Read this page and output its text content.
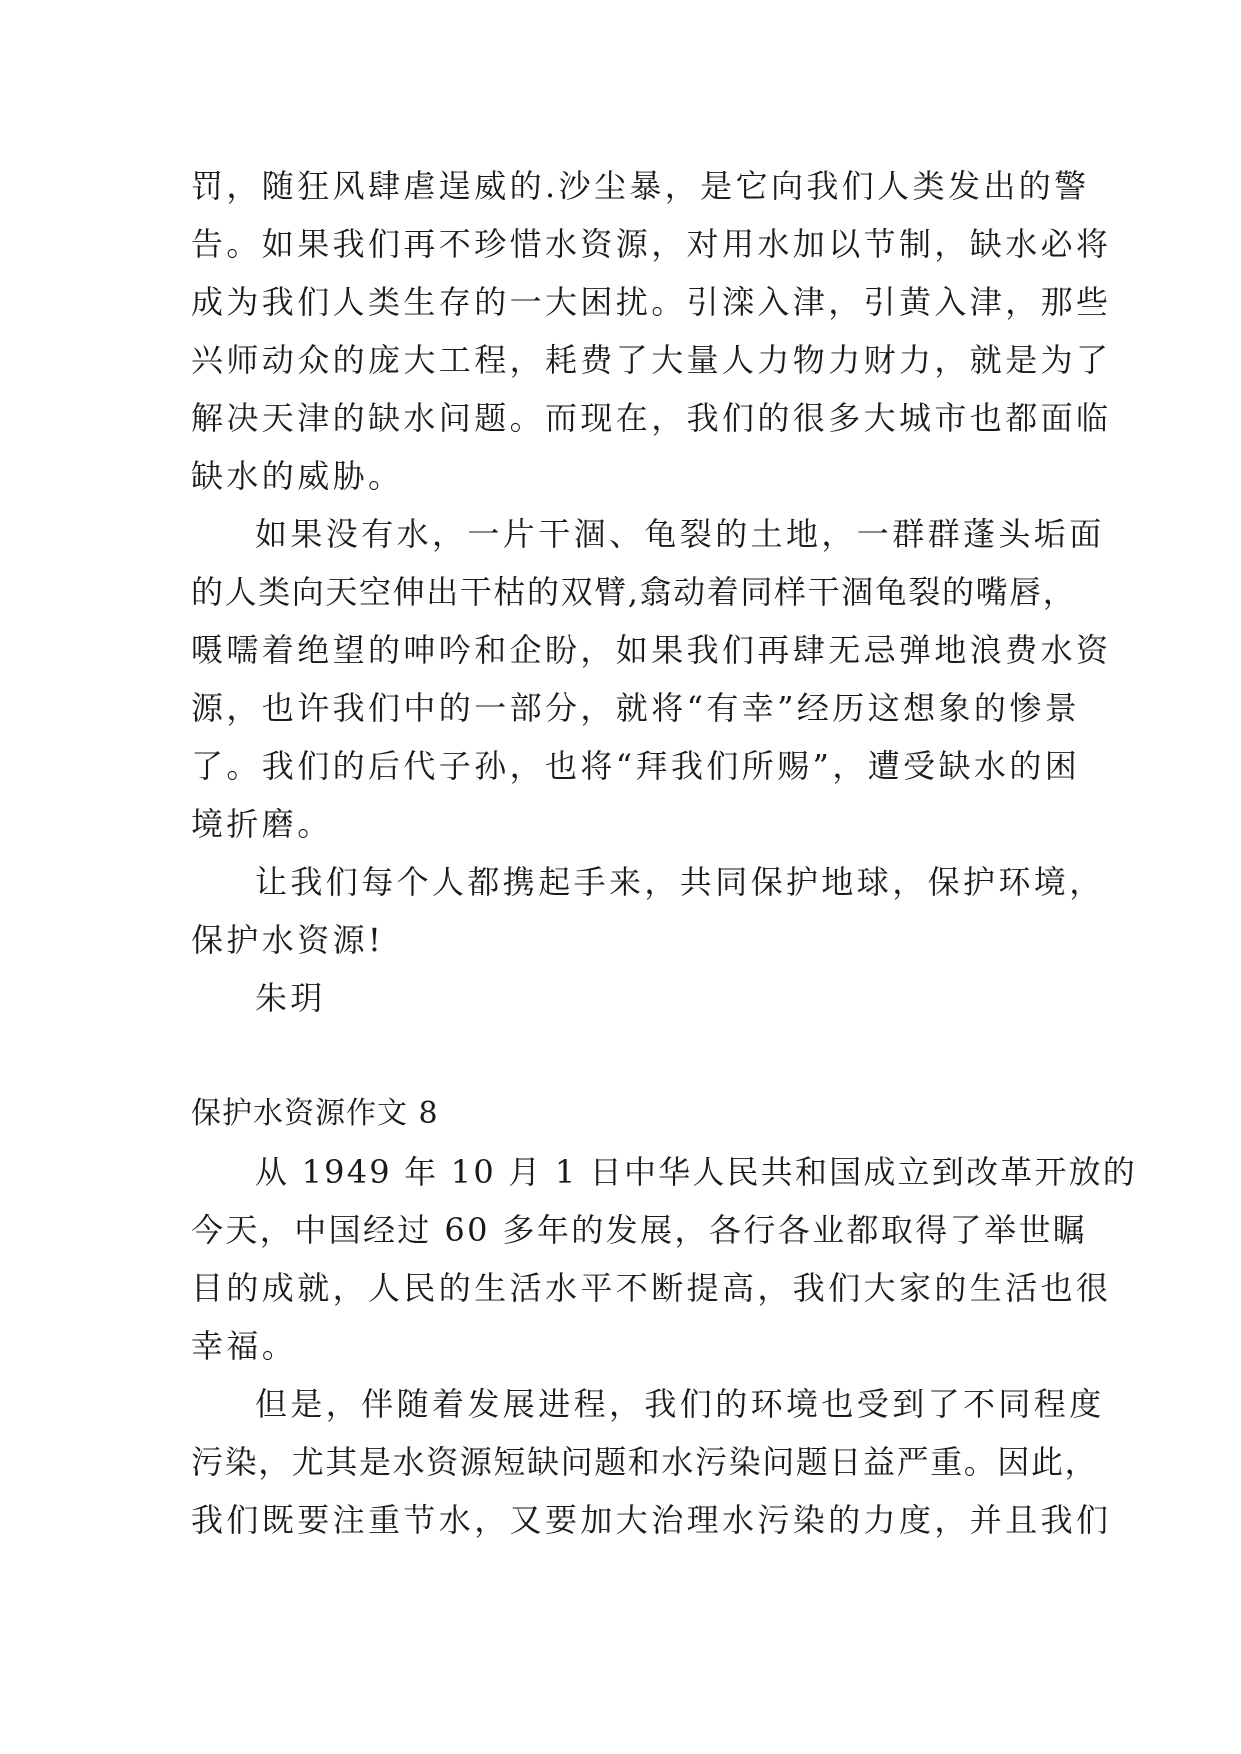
罚，随狂风肆虐逞威的.沙尘暴，是它向我们人类发出的警
告。如果我们再不珍惜水资源，对用水加以节制，缺水必将
成为我们人类生存的一大困扰。引滦入津，引黄入津，那些
兴师动众的庞大工程，耗费了大量人力物力财力，就是为了
解决天津的缺水问题。而现在，我们的很多大城市也都面临
缺水的威胁。
如果没有水，一片干涸、龟裂的土地，一群群蓬头垢面
的人类向天空伸出干枯的双臂,翕动着同样干涸龟裂的嘴唇，
嗫嚅着绝望的呻吟和企盼，如果我们再肆无忌弹地浪费水资
源，也许我们中的一部分，就将“有幸”经历这想象的惨景
了。我们的后代子孙，也将“拜我们所赐”，遭受缺水的困
境折磨。
让我们每个人都携起手来，共同保护地球，保护环境，
保护水资源!
朱玥
保护水资源作文 8
从 1949 年 10 月 1 日中华人民共和国成立到改革开放的
今天，中国经过 60 多年的发展，各行各业都取得了举世瞩
目的成就，人民的生活水平不断提高，我们大家的生活也很
幸福。
但是，伴随着发展进程，我们的环境也受到了不同程度
污染，尤其是水资源短缺问题和水污染问题日益严重。因此，
我们既要注重节水，又要加大治理水污染的力度，并且我们
